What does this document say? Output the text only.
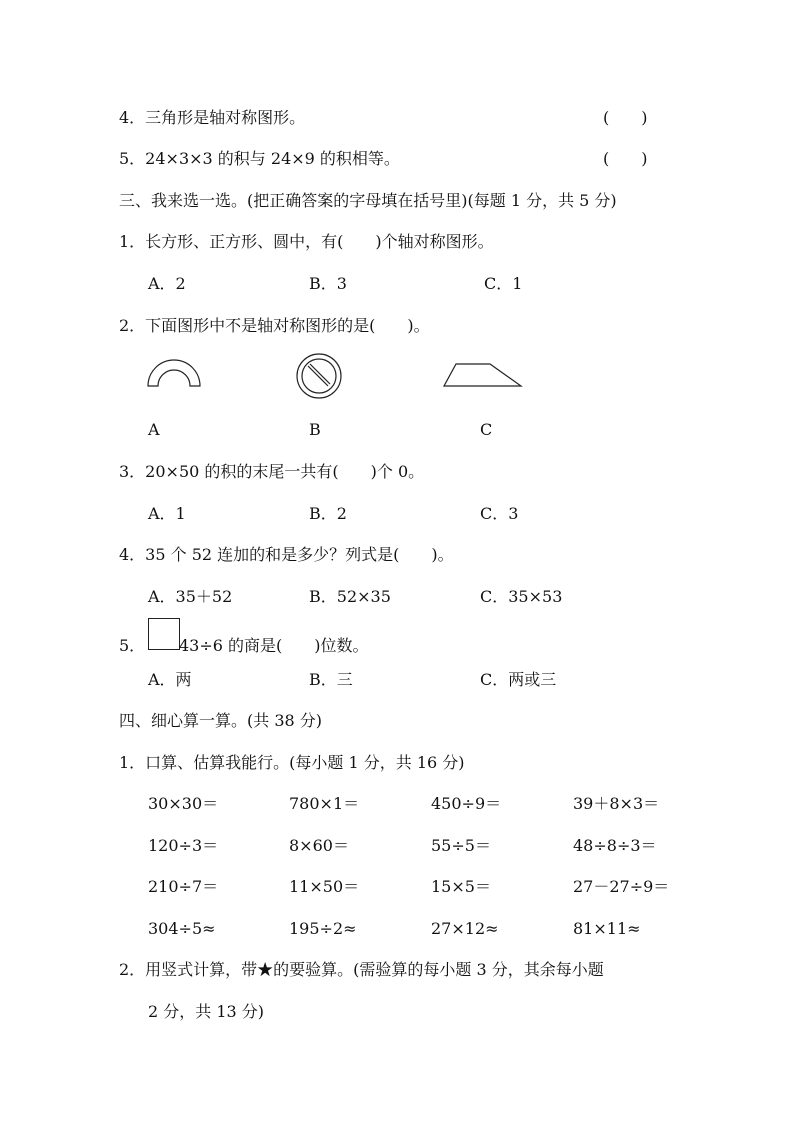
4．三角形是轴对称图形。	(　　)
5．24×3×3 的积与 24×9 的积相等。	(　　)
三、我来选一选。(把正确答案的字母填在括号里)(每题 1 分，共 5 分)
1．长方形、正方形、圆中，有(　　)个轴对称图形。
A．2	B．3	C．1
2．下面图形中不是轴对称图形的是(　　)。
A	B	C
3．20×50 的积的末尾一共有(　　)个 0。
A．1	B．2	C．3
4．35 个 52 连加的和是多少？列式是(　　)。
A．35＋52	B．52×35	C．35×53
5． 43÷6 的商是(　　)位数。
A．两	B．三	C．两或三
四、细心算一算。(共 38 分)
1．口算、估算我能行。(每小题 1 分，共 16 分)
30×30＝	780×1＝	450÷9＝	39＋8×3＝
120÷3＝	8×60＝	55÷5＝	48÷8÷3＝
210÷7＝	11×50＝	15×5＝	27－27÷9＝
304÷5≈	195÷2≈	27×12≈	81×11≈
2．用竖式计算，带★的要验算。(需验算的每小题 3 分，其余每小题
2 分，共 13 分)
